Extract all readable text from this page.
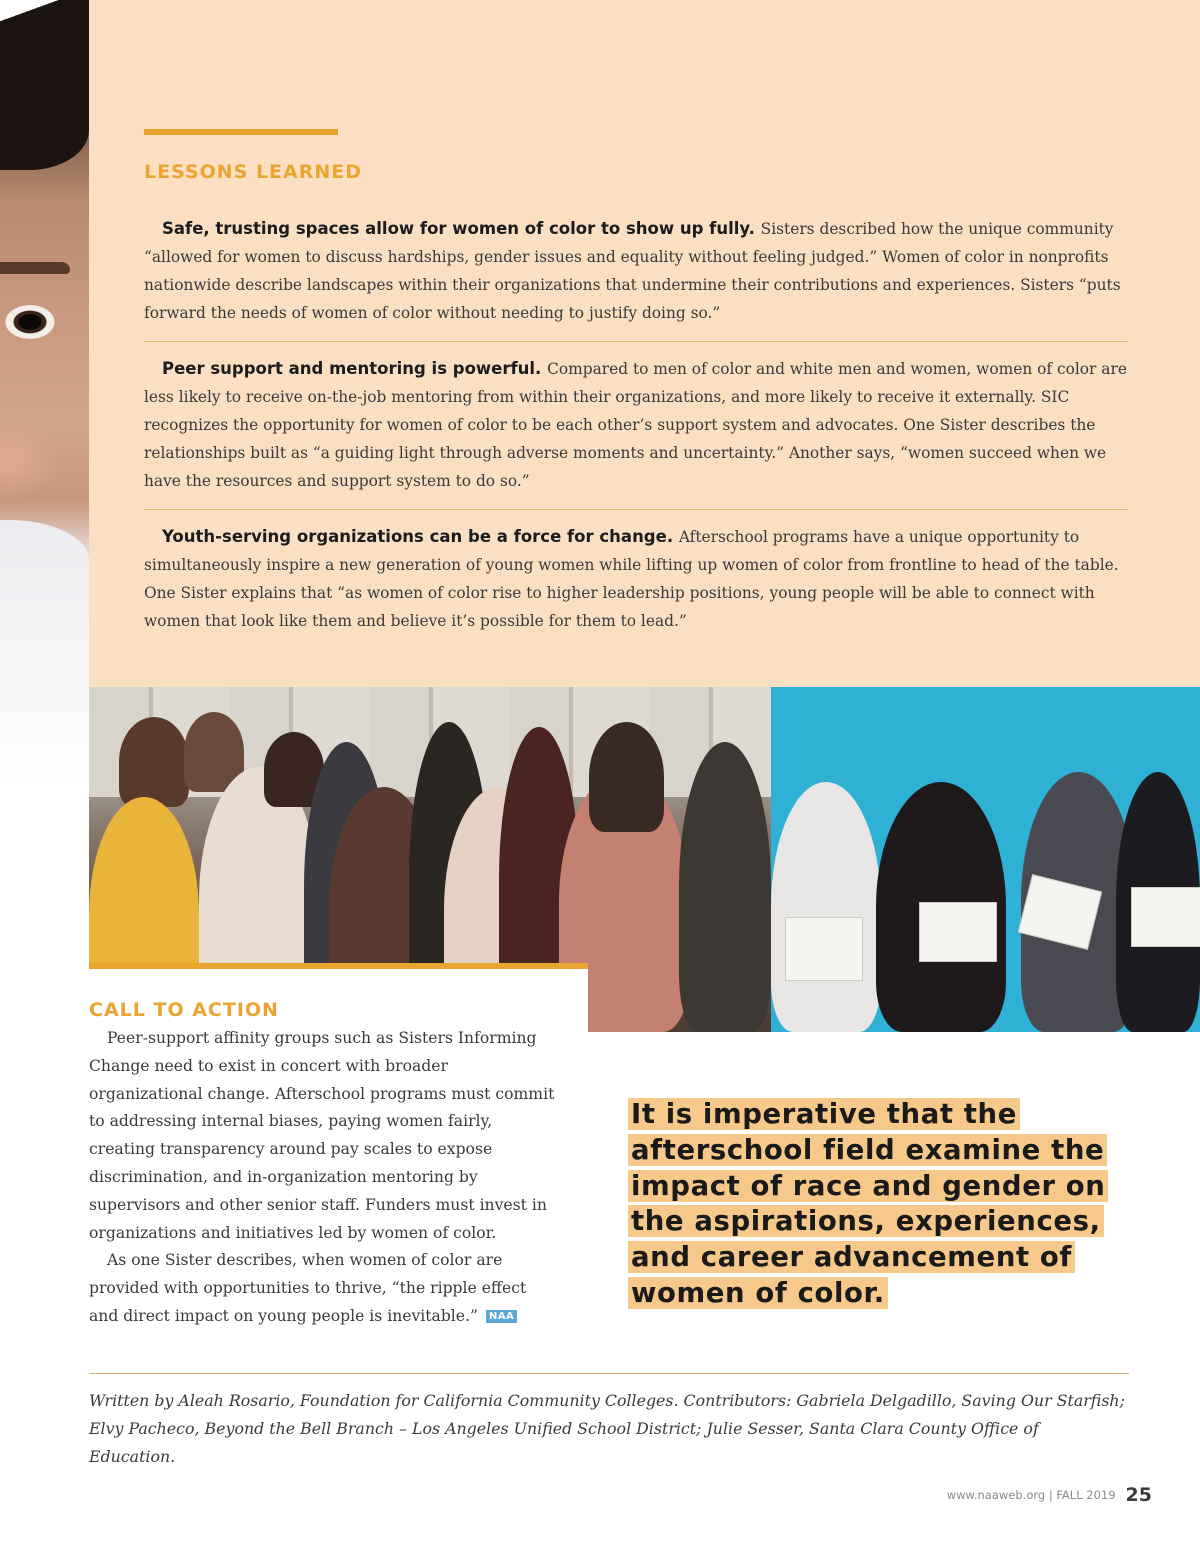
LESSONS LEARNED
Safe, trusting spaces allow for women of color to show up fully. Sisters described how the unique community “allowed for women to discuss hardships, gender issues and equality without feeling judged.” Women of color in nonprofits nationwide describe landscapes within their organizations that undermine their contributions and experiences. Sisters “puts forward the needs of women of color without needing to justify doing so.”
Peer support and mentoring is powerful. Compared to men of color and white men and women, women of color are less likely to receive on-the-job mentoring from within their organizations, and more likely to receive it externally. SIC recognizes the opportunity for women of color to be each other’s support system and advocates. One Sister describes the relationships built as “a guiding light through adverse moments and uncertainty.” Another says, “women succeed when we have the resources and support system to do so.”
Youth-serving organizations can be a force for change. Afterschool programs have a unique opportunity to simultaneously inspire a new generation of young women while lifting up women of color from frontline to head of the table. One Sister explains that “as women of color rise to higher leadership positions, young people will be able to connect with women that look like them and believe it’s possible for them to lead.”
CALL TO ACTION

Peer-support affinity groups such as Sisters Informing Change need to exist in concert with broader organizational change. Afterschool programs must commit to addressing internal biases, paying women fairly, creating transparency around pay scales to expose discrimination, and in-organization mentoring by supervisors and other senior staff. Funders must invest in organizations and initiatives led by women of color.

As one Sister describes, when women of color are provided with opportunities to thrive, “the ripple effect and direct impact on young people is inevitable.” NAA

It is imperative that the afterschool field examine the impact of race and gender on the aspirations, experiences, and career advancement of women of color.
Written by Aleah Rosario, Foundation for California Community Colleges. Contributors: Gabriela Delgadillo, Saving Our Starfish; Elvy Pacheco, Beyond the Bell Branch – Los Angeles Unified School District; Julie Sesser, Santa Clara County Office of Education.
www.naaweb.org | FALL 2019 25
